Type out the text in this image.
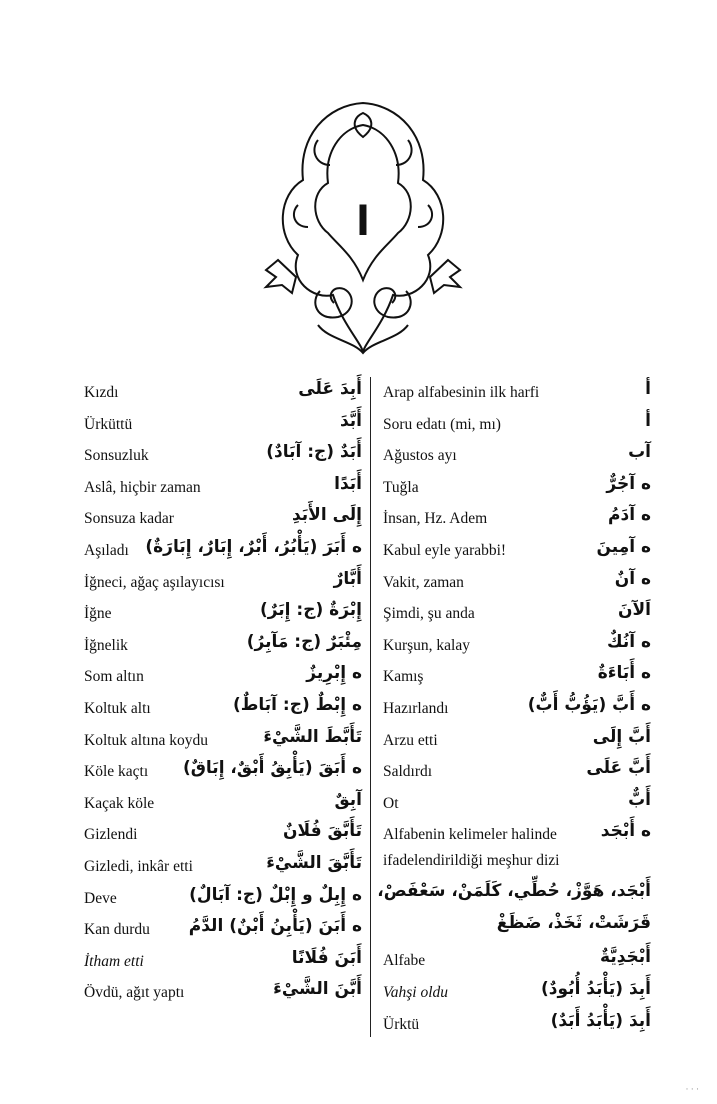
ا
Kızdı	أَبِدَ عَلَى
Ürküttü	أَبَّدَ
Sonsuzluk	أَبَدٌ (ج: آبَادٌ)
Aslâ, hiçbir zaman	أَبَدًا
Sonsuza kadar	إِلَى الأَبَدِ
Aşıladı ه أَبَرَ (يَأْبُرُ، أَبْرٌ، إِبَارٌ، إِبَارَةٌ)
İğneci, ağaç aşılayıcısı	أَبَّارٌ
İğne	إِبْرَةٌ (ج: إِبَرٌ)
İğnelik	مِئْبَرٌ (ج: مَآبِرُ)
Som altın	ه إِبْرِيزٌ
Koltuk altı	ه إِبْطٌ (ج: آبَاطٌ)
Koltuk altına koydu	تَأَبَّطَ الشَّيْءَ
Köle kaçtı ه أَبَقَ (يَأْبِقُ أَبْقٌ، إِبَاقٌ)
Kaçak köle	آبِقٌ
Gizlendi	تَأَبَّقَ فُلَانٌ
Gizledi, inkâr etti	تَأَبَّقَ الشَّيْءَ
Deve	ه إِبِلٌ و إِبْلٌ (ج: آبَالٌ)
Kan durdu ه أَبَنَ (يَأْبِنُ أَبْنٌ) الدَّمُ
İtham etti	أَبَنَ فُلَانًا
Övdü, ağıt yaptı	أَبَّنَ الشَّيْءَ
Arap alfabesinin ilk harfi	أ
Soru edatı (mi, mı)	أ
Ağustos ayı	آب
Tuğla	ه آجُرٌّ
İnsan, Hz. Adem	ه آدَمُ
Kabul eyle yarabbi!	ه آمِينَ
Vakit, zaman	ه آنٌ
Şimdi, şu anda	اَلآنَ
Kurşun, kalay	ه آنُكٌ
Kamış	ه أَبَاءَةٌ
Hazırlandı	ه أَبَّ (يَؤُبُّ أَبٌّ)
Arzu etti	أَبَّ إِلَى
Saldırdı	أَبَّ عَلَى
Ot	أَبٌّ
Alfabenin kelimeler halinde	ه أَبْجَد
ifadelendirildiği meşhur dizi
أَبْجَد، هَوَّزْ، حُطِّي، كَلَمَنْ، سَعْفَصْ،
قَرَشَتْ، ثَخَذْ، ضَظَغْ
Alfabe	أَبْجَدِيَّةٌ
Vahşi oldu	أَبِدَ (يَأْبَدُ أُبُودٌ)
Ürktü	أَبِدَ (يَأْبَدُ أَبَدٌ)
· · ·
